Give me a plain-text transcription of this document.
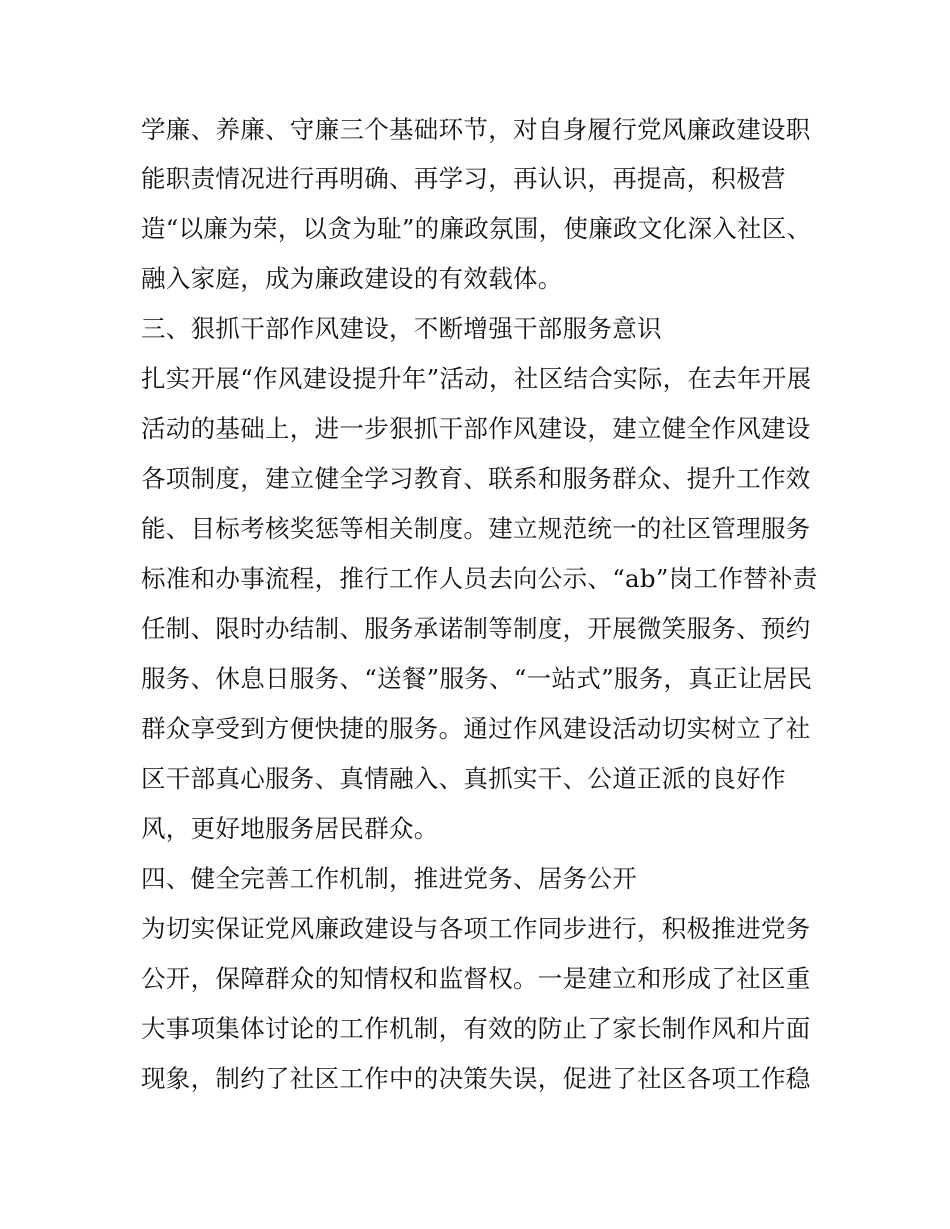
学廉、养廉、守廉三个基础环节，对自身履行党风廉政建设职
能职责情况进行再明确、再学习，再认识，再提高，积极营
造“以廉为荣，以贪为耻”的廉政氛围，使廉政文化深入社区、
融入家庭，成为廉政建设的有效载体。
三、狠抓干部作风建设，不断增强干部服务意识
扎实开展“作风建设提升年”活动，社区结合实际，在去年开展
活动的基础上，进一步狠抓干部作风建设，建立健全作风建设
各项制度，建立健全学习教育、联系和服务群众、提升工作效
能、目标考核奖惩等相关制度。建立规范统一的社区管理服务
标准和办事流程，推行工作人员去向公示、“ab”岗工作替补责
任制、限时办结制、服务承诺制等制度，开展微笑服务、预约
服务、休息日服务、“送餐”服务、“一站式”服务，真正让居民
群众享受到方便快捷的服务。通过作风建设活动切实树立了社
区干部真心服务、真情融入、真抓实干、公道正派的良好作
风，更好地服务居民群众。
四、健全完善工作机制，推进党务、居务公开
为切实保证党风廉政建设与各项工作同步进行，积极推进党务
公开，保障群众的知情权和监督权。一是建立和形成了社区重
大事项集体讨论的工作机制，有效的防止了家长制作风和片面
现象，制约了社区工作中的决策失误，促进了社区各项工作稳
